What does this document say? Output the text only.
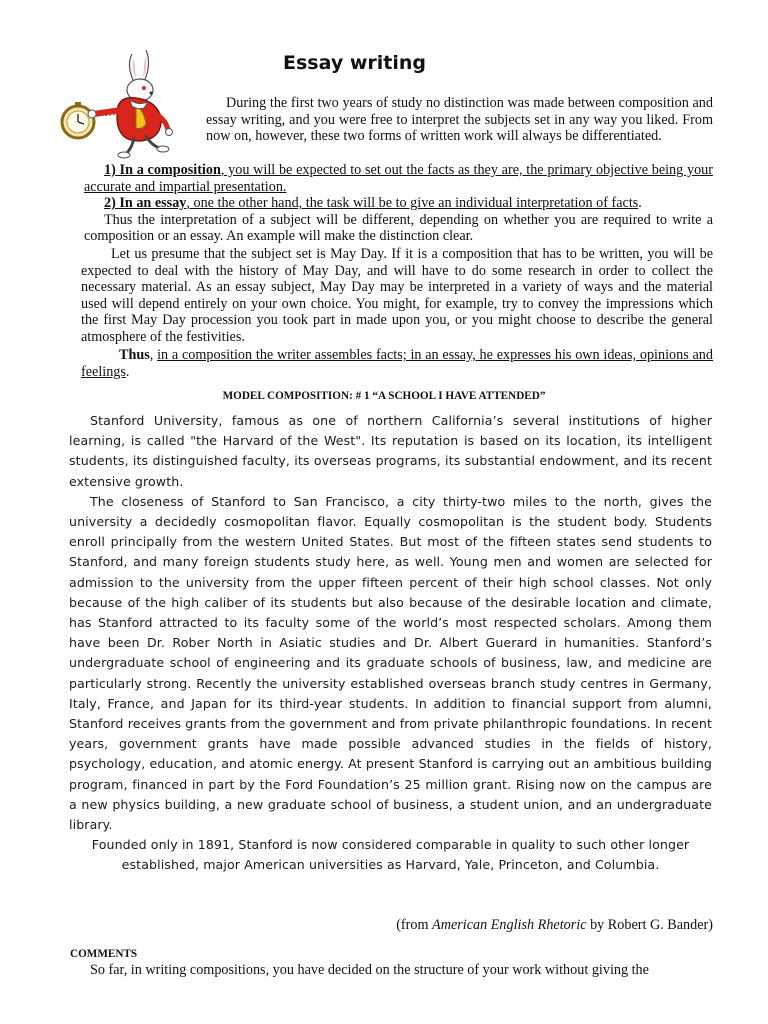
Essay writing

During the first two years of study no distinction was made between composition and essay writing, and you were free to interpret the subjects set in any way you liked. From now on, however, these two forms of written work will always be differentiated.

1) In a composition, you will be expected to set out the facts as they are, the primary objective being your accurate and impartial presentation.

2) In an essay, one the other hand, the task will be to give an individual interpretation of facts.

Thus the interpretation of a subject will be different, depending on whether you are required to write a composition or an essay. An example will make the distinction clear.

Let us presume that the subject set is May Day. If it is a composition that has to be written, you will be expected to deal with the history of May Day, and will have to do some research in order to collect the necessary material. As an essay subject, May Day may be interpreted in a variety of ways and the material used will depend entirely on your own choice. You might, for example, try to convey the impressions which the first May Day procession you took part in made upon you, or you might choose to describe the general atmosphere of the festivities.

Thus, in a composition the writer assembles facts; in an essay, he expresses his own ideas, opinions and feelings.

MODEL COMPOSITION: # 1 “A SCHOOL I HAVE ATTENDED”

Stanford University, famous as one of northern California’s several institutions of higher learning, is called "the Harvard of the West". Its reputation is based on its location, its intelligent students, its distinguished faculty, its overseas programs, its substantial endowment, and its recent extensive growth.

The closeness of Stanford to San Francisco, a city thirty-two miles to the north, gives the university a decidedly cosmopolitan flavor. Equally cosmopolitan is the student body. Students enroll principally from the western United States. But most of the fifteen states send students to Stanford, and many foreign students study here, as well. Young men and women are selected for admission to the university from the upper fifteen percent of their high school classes. Not only because of the high caliber of its students but also because of the desirable location and climate, has Stanford attracted to its faculty some of the world’s most respected scholars. Among them have been Dr. Rober North in Asiatic studies and Dr. Albert Guerard in humanities. Stanford’s undergraduate school of engineering and its graduate schools of business, law, and medicine are particularly strong. Recently the university established overseas branch study centres in Germany, Italy, France, and Japan for its third-year students. In addition to financial support from alumni, Stanford receives grants from the government and from private philanthropic foundations. In recent years, government grants have made possible advanced studies in the fields of history, psychology, education, and atomic energy. At present Stanford is carrying out an ambitious building program, financed in part by the Ford Foundation’s 25 million grant. Rising now on the campus are a new physics building, a new graduate school of business, a student union, and an undergraduate library.

Founded only in 1891, Stanford is now considered comparable in quality to such other longer established, major American universities as Harvard, Yale, Princeton, and Columbia.

(from American English Rhetoric by Robert G. Bander)
COMMENTS
So far, in writing compositions, you have decided on the structure of your work without giving the
